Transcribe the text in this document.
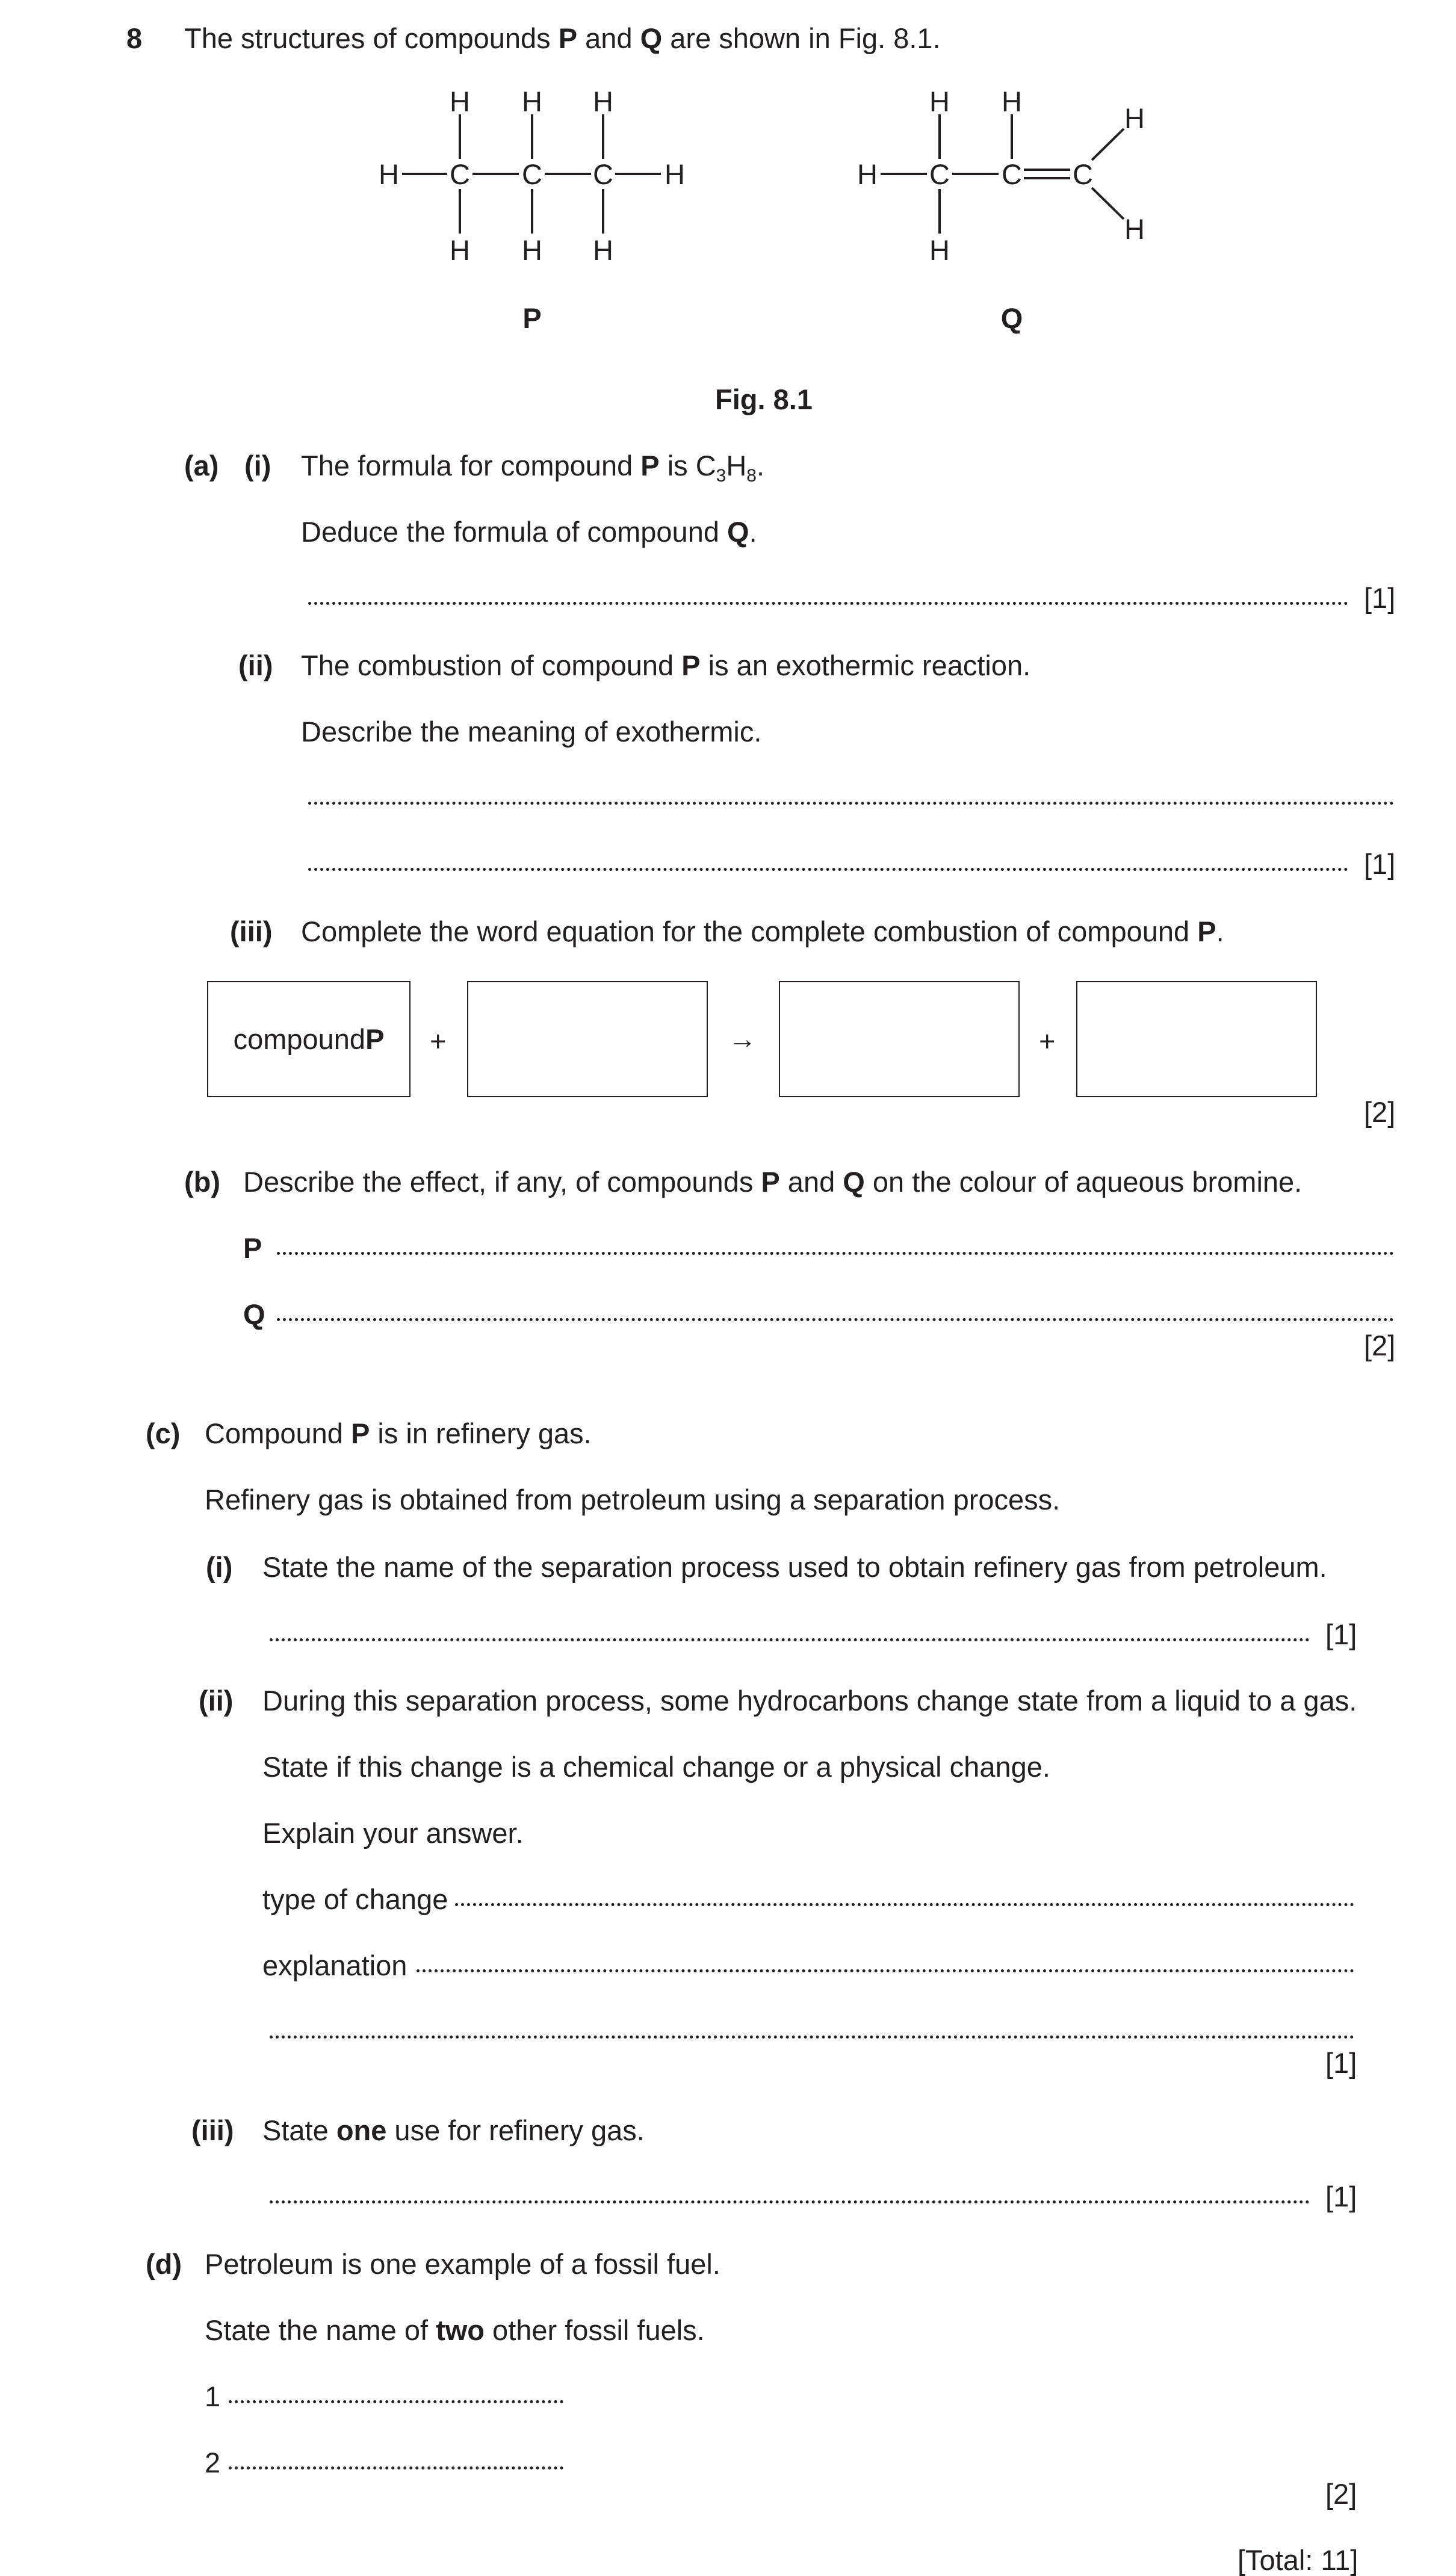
8 The structures of compounds P and Q are shown in Fig. 8.1.
H C C C H
H H H
H H H
H C C C
H H
H
H
H
P	Q
Fig. 8.1
(a) (i) The formula for compound P is $C_3H_8$.
Deduce the formula of compound Q.
[1]
(ii) The combustion of compound P is an exothermic reaction.
Describe the meaning of exothermic.
[1]
(iii) Complete the word equation for the complete combustion of compound P.
compound P +	→	+
[2]
(b) Describe the effect, if any, of compounds P and Q on the colour of aqueous bromine.
P
Q
[2]
(c) Compound P is in refinery gas.
Refinery gas is obtained from petroleum using a separation process.
(i) State the name of the separation process used to obtain refinery gas from petroleum.
[1]
(ii) During this separation process, some hydrocarbons change state from a liquid to a gas.
State if this change is a chemical change or a physical change.
Explain your answer.
type of change
explanation
[1]
(iii) State one use for refinery gas.
[1]
(d) Petroleum is one example of a fossil fuel.
State the name of two other fossil fuels.
1
2
[2]
[Total: 11]
